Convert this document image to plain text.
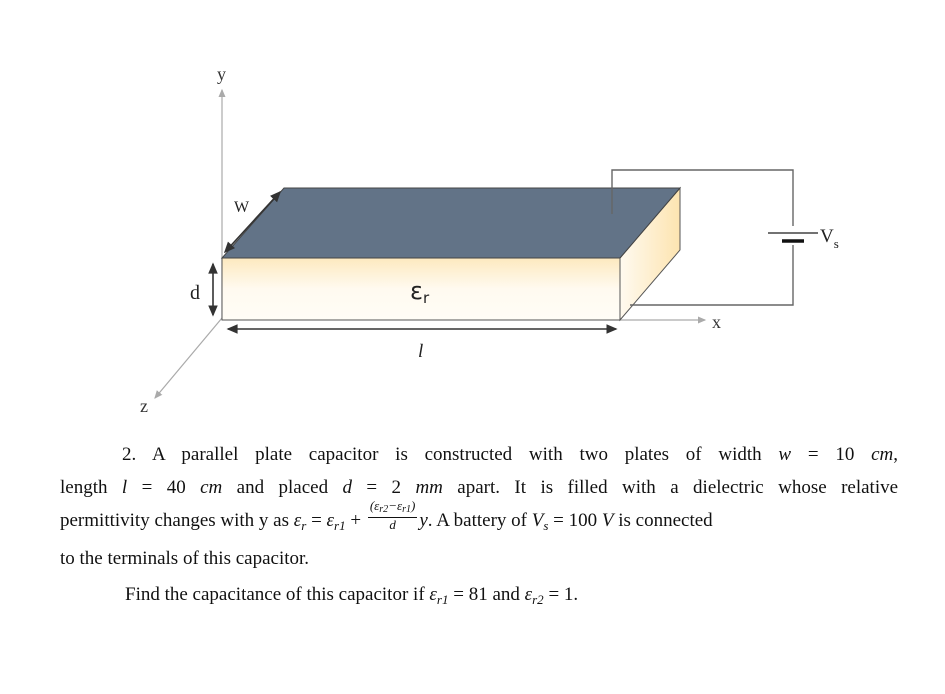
y
x
z
W
d
l
εr
$V_s$
2. A parallel plate capacitor is constructed with two plates of width w = 10 cm,
length l = 40 cm and placed d = 2 mm apart. It is filled with a dielectric whose relative
permittivity changes with y as $\varepsilon_r = \varepsilon_{r1} + \frac{(\varepsilon r2-\varepsilon r1)}{d} y$. A battery of $V_s = 100$ V is connected
to the terminals of this capacitor.
Find the capacitance of this capacitor if $\varepsilon_{r1} = 81$ and $\varepsilon_{r2} = 1$.
